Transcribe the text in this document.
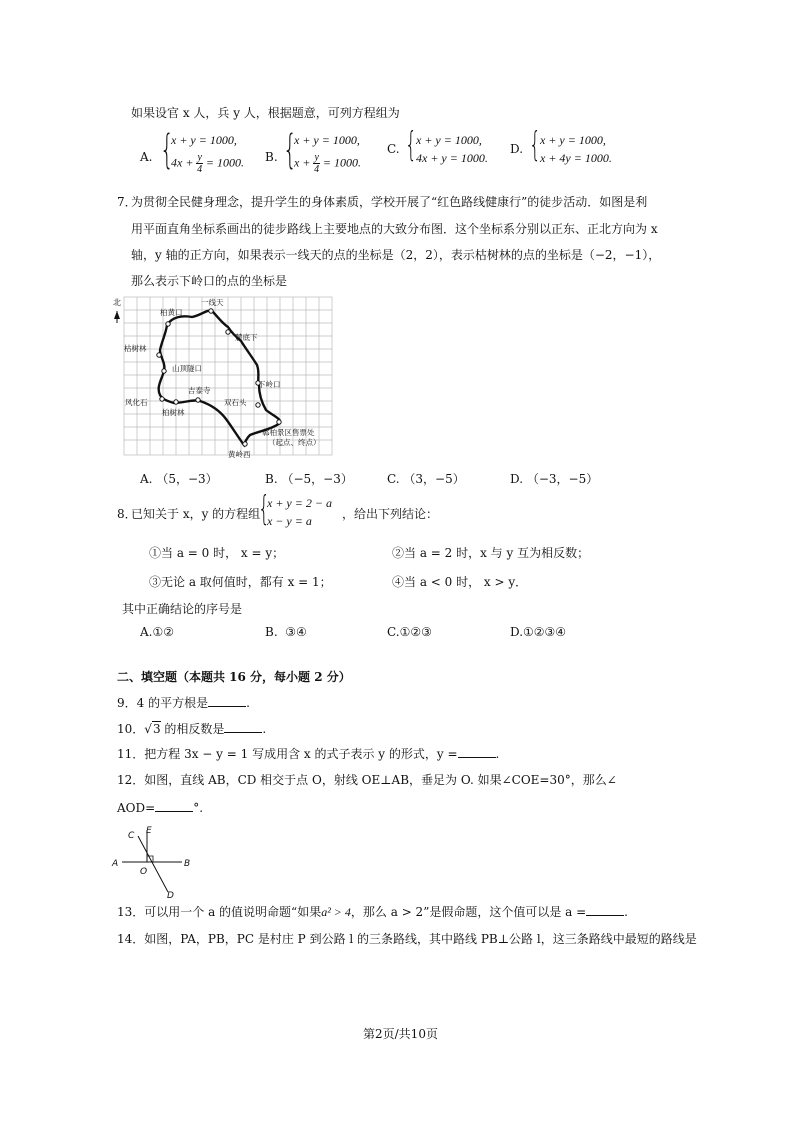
如果设官 x 人，兵 y 人，根据题意，可列方程组为
A. {
x + y = 1000,
$4x + \frac{y}{4} = 1000$. B. {
x + y = 1000,
$x + \frac{y}{4} = 1000$.
C. { x + y = 1000,
4x + y = 1000.
D. { x + y = 1000,
x + 4y = 1000.
7．
为贯彻全民健身理念，提升学生的身体素质，学校开展了“红色路线健康行”的徒步活动．如图是利
用平面直角坐标系画出的徒步路线上主要地点的大致分布图．这个坐标系分别以正东、正北方向为 x
轴，y 轴的正方向，如果表示一线天的点的坐标是（2，2），表示枯树林的点的坐标是（−2，−1），
那么表示下岭口的点的坐标是
北
柏黄口
一线天
麓底下
枯树林
山顶隧口
下岭口
吉泰寺
风化石	双石头
柏树林
鄣柏景区售票处
（起点、终点）
黄岭西
A. （5，−3）	B. （−5，−3）	C. （3，−5）	D. （−3，−5）
8．
已知关于 x，y 的方程组
{
x + y = 2 − a
x − y = a	，给出下列结论：
①当 a = 0 时， x = y；	②当 a = 2 时，x 与 y 互为相反数；
③无论 a 取何值时，都有 x = 1；	④当 a < 0 时， x > y．
其中正确结论的序号是
A.①②	B. ③④	C.①②③	D.①②③④
二、填空题（本题共 16 分，每小题 2 分）
9．4 的平方根是	.
10．√3 的相反数是	.
11．把方程 3x − y = 1 写成用含 x 的式子表示 y 的形式，y =	.
12．如图，直线 AB，CD 相交于点 O，射线 OE⊥AB，垂足为 O. 如果∠COE=30°，那么∠
AOD=	°.
A	B
C
D
E
O
13．可以用一个 a 的值说明命题“如果a² > 4，那么 a > 2”是假命题，这个值可以是 a =	.
14．如图，PA，PB，PC 是村庄 P 到公路 l 的三条路线，其中路线 PB⊥公路 l，这三条路线中最短的路线是
第2页/共10页
